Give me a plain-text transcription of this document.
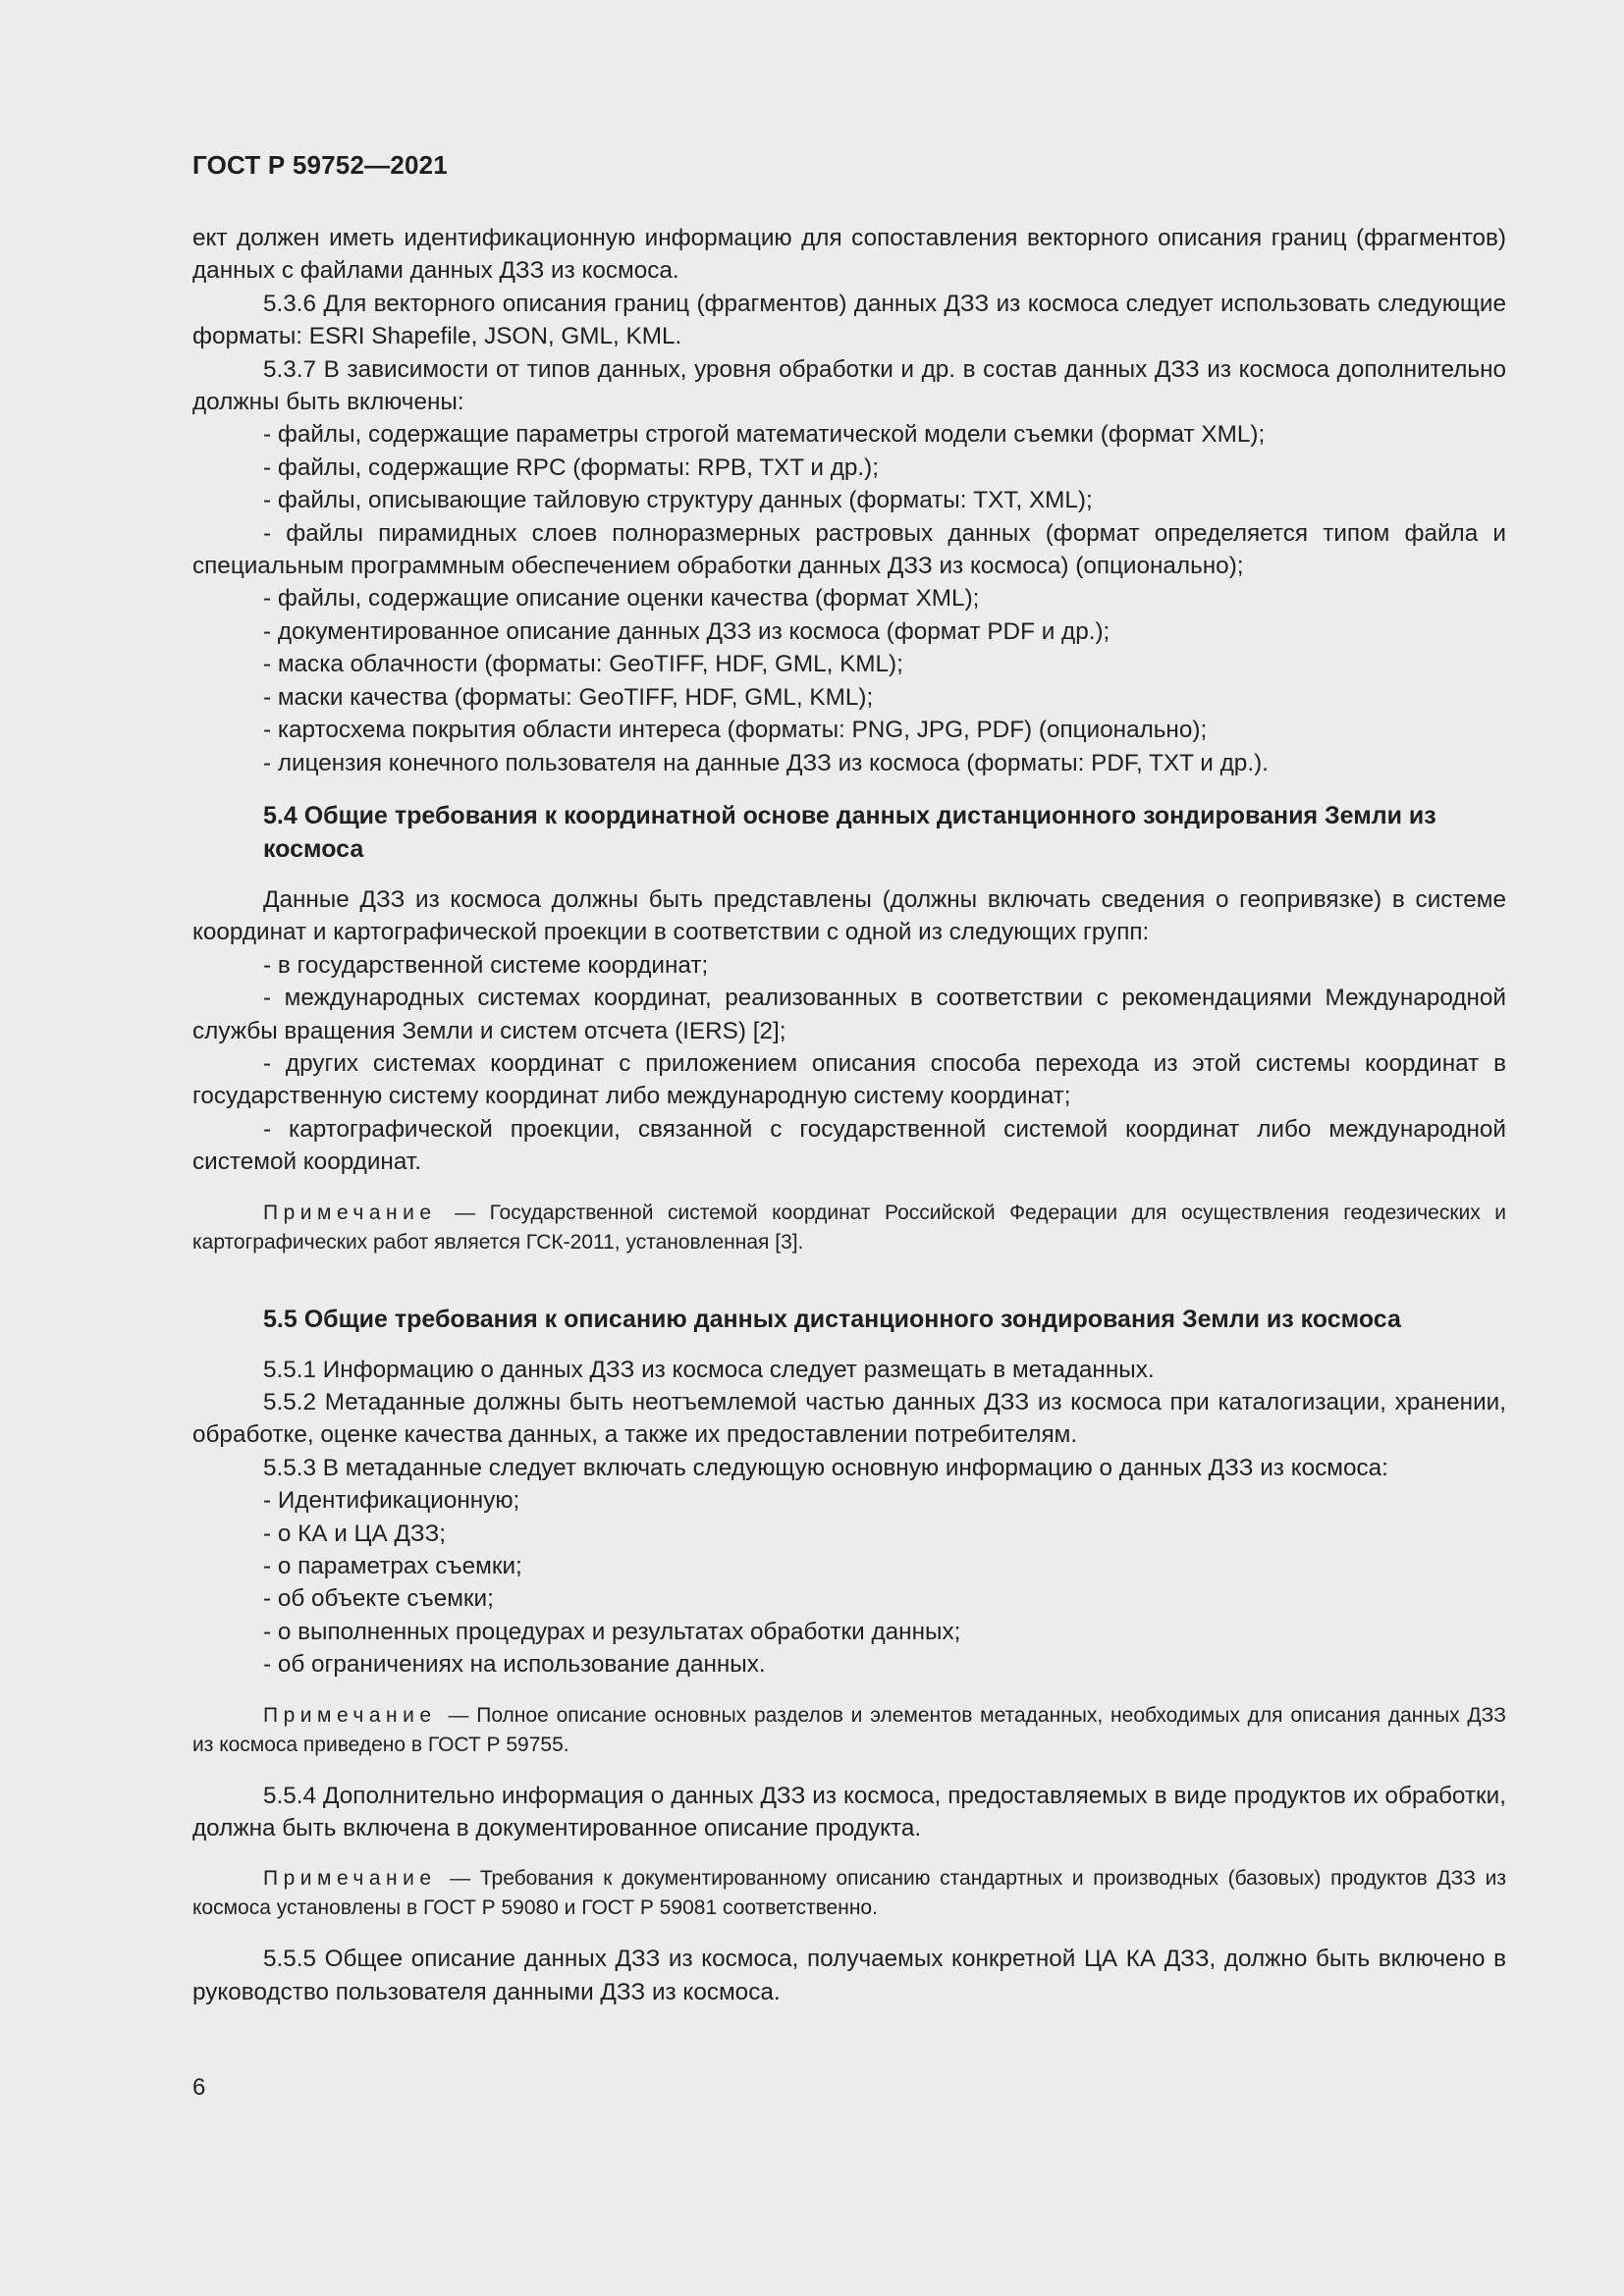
ГОСТ Р 59752—2021

ект должен иметь идентификационную информацию для сопоставления векторного описания границ (фрагментов) данных с файлами данных ДЗЗ из космоса.

5.3.6 Для векторного описания границ (фрагментов) данных ДЗЗ из космоса следует использовать следующие форматы: ESRI Shapefile, JSON, GML, KML.

5.3.7 В зависимости от типов данных, уровня обработки и др. в состав данных ДЗЗ из космоса дополнительно должны быть включены:

- файлы, содержащие параметры строгой математической модели съемки (формат XML);

- файлы, содержащие RPC (форматы: RPB, TXT и др.);

- файлы, описывающие тайловую структуру данных (форматы: TXT, XML);

- файлы пирамидных слоев полноразмерных растровых данных (формат определяется типом файла и специальным программным обеспечением обработки данных ДЗЗ из космоса) (опционально);

- файлы, содержащие описание оценки качества (формат XML);

- документированное описание данных ДЗЗ из космоса (формат PDF и др.);

- маска облачности (форматы: GeoTIFF, HDF, GML, KML);

- маски качества (форматы: GeoTIFF, HDF, GML, KML);

- картосхема покрытия области интереса (форматы: PNG, JPG, PDF) (опционально);

- лицензия конечного пользователя на данные ДЗЗ из космоса (форматы: PDF, TXT и др.).

5.4 Общие требования к координатной основе данных дистанционного зондирования Земли из космоса

Данные ДЗЗ из космоса должны быть представлены (должны включать сведения о геопривязке) в системе координат и картографической проекции в соответствии с одной из следующих групп:

- в государственной системе координат;

- международных системах координат, реализованных в соответствии с рекомендациями Международной службы вращения Земли и систем отсчета (IERS) [2];

- других системах координат с приложением описания способа перехода из этой системы координат в государственную систему координат либо международную систему координат;

- картографической проекции, связанной с государственной системой координат либо международной системой координат.

Примечание — Государственной системой координат Российской Федерации для осуществления геодезических и картографических работ является ГСК-2011, установленная [3].

5.5 Общие требования к описанию данных дистанционного зондирования Земли из космоса

5.5.1 Информацию о данных ДЗЗ из космоса следует размещать в метаданных.

5.5.2 Метаданные должны быть неотъемлемой частью данных ДЗЗ из космоса при каталогизации, хранении, обработке, оценке качества данных, а также их предоставлении потребителям.

5.5.3 В метаданные следует включать следующую основную информацию о данных ДЗЗ из космоса:

- Идентификационную;

- о КА и ЦА ДЗЗ;

- о параметрах съемки;

- об объекте съемки;

- о выполненных процедурах и результатах обработки данных;

- об ограничениях на использование данных.

Примечание — Полное описание основных разделов и элементов метаданных, необходимых для описания данных ДЗЗ из космоса приведено в ГОСТ Р 59755.

5.5.4 Дополнительно информация о данных ДЗЗ из космоса, предоставляемых в виде продуктов их обработки, должна быть включена в документированное описание продукта.

Примечание — Требования к документированному описанию стандартных и производных (базовых) продуктов ДЗЗ из космоса установлены в ГОСТ Р 59080 и ГОСТ Р 59081 соответственно.

5.5.5 Общее описание данных ДЗЗ из космоса, получаемых конкретной ЦА КА ДЗЗ, должно быть включено в руководство пользователя данными ДЗЗ из космоса.

6
